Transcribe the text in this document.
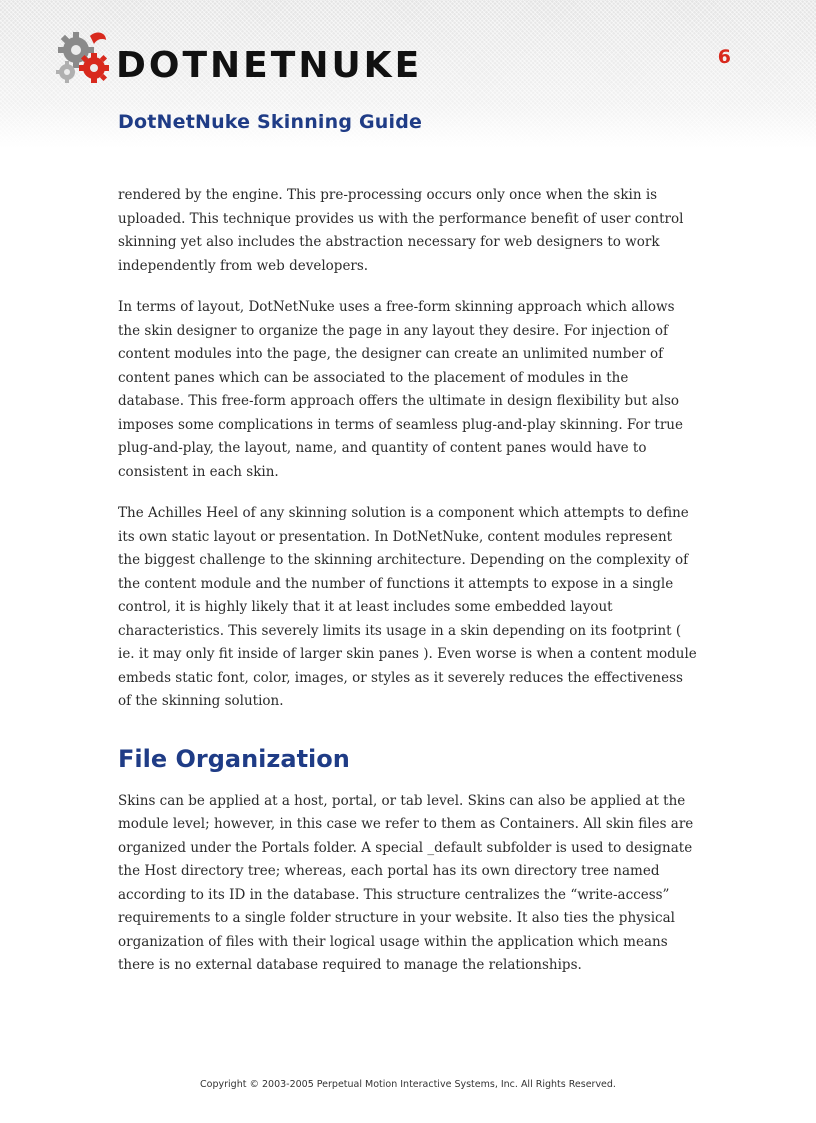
DOTNETNUKE
DotNetNuke Skinning Guide
6

rendered by the engine. This pre-processing occurs only once when the skin is uploaded. This technique provides us with the performance benefit of user control skinning yet also includes the abstraction necessary for web designers to work independently from web developers.

In terms of layout, DotNetNuke uses a free-form skinning approach which allows the skin designer to organize the page in any layout they desire. For injection of content modules into the page, the designer can create an unlimited number of content panes which can be associated to the placement of modules in the database. This free-form approach offers the ultimate in design flexibility but also imposes some complications in terms of seamless plug-and-play skinning. For true plug-and-play, the layout, name, and quantity of content panes would have to consistent in each skin.

The Achilles Heel of any skinning solution is a component which attempts to define its own static layout or presentation. In DotNetNuke, content modules represent the biggest challenge to the skinning architecture. Depending on the complexity of the content module and the number of functions it attempts to expose in a single control, it is highly likely that it at least includes some embedded layout characteristics. This severely limits its usage in a skin depending on its footprint ( ie. it may only fit inside of larger skin panes ). Even worse is when a content module embeds static font, color, images, or styles as it severely reduces the effectiveness of the skinning solution.

File Organization

Skins can be applied at a host, portal, or tab level. Skins can also be applied at the module level; however, in this case we refer to them as Containers. All skin files are organized under the Portals folder. A special _default subfolder is used to designate the Host directory tree; whereas, each portal has its own directory tree named according to its ID in the database. This structure centralizes the “write-access” requirements to a single folder structure in your website. It also ties the physical organization of files with their logical usage within the application which means there is no external database required to manage the relationships.

Copyright © 2003-2005 Perpetual Motion Interactive Systems, Inc. All Rights Reserved.
